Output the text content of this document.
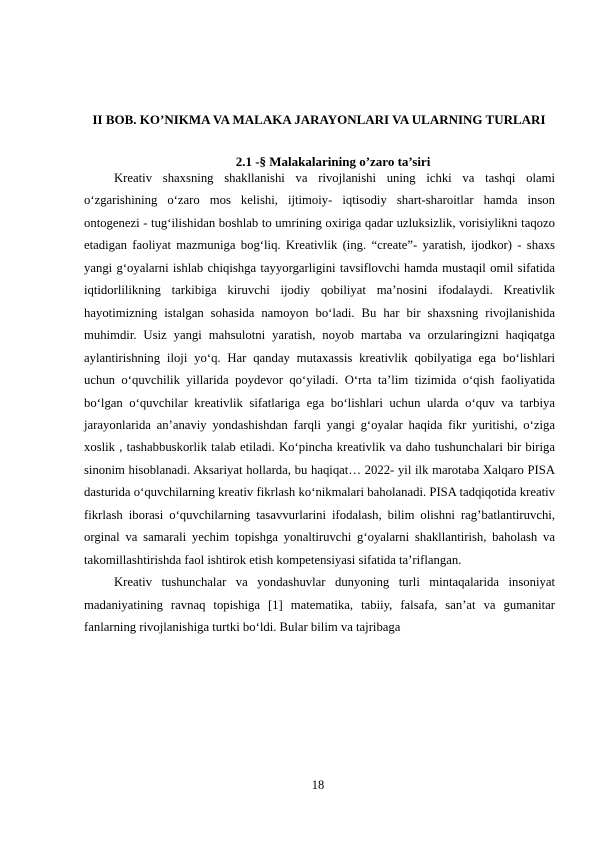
II BOB. KO’NIKMA VA MALAKA JARAYONLARI VA ULARNING TURLARI
2.1 -§ Malakalarining o’zaro ta’siri

Kreativ shaxsning shakllanishi va rivojlanishi uning ichki va tashqi olami o‘zgarishining o‘zaro mos kelishi, ijtimoiy- iqtisodiy shart-sharoitlar hamda inson ontogenezi - tug‘ilishidan boshlab to umrining oxiriga qadar uzluksizlik, vorisiylikni taqozo etadigan faoliyat mazmuniga bog‘liq. Kreativlik (ing. “create”- yaratish, ijodkor) - shaxs yangi g‘oyalarni ishlab chiqishga tayyorgarligini tavsiflovchi hamda mustaqil omil sifatida iqtidorlilikning tarkibiga kiruvchi ijodiy qobiliyat ma’nosini ifodalaydi. Kreativlik hayotimizning istalgan sohasida namoyon bo‘ladi. Bu har bir shaxsning rivojlanishida muhimdir. Usiz yangi mahsulotni yaratish, noyob martaba va orzularingizni haqiqatga aylantirishning iloji yo‘q. Har qanday mutaxassis kreativlik qobilyatiga ega bo‘lishlari uchun o‘quvchilik yillarida poydevor qo‘yiladi. O‘rta ta’lim tizimida o‘qish faoliyatida bo‘lgan o‘quvchilar kreativlik sifatlariga ega bo‘lishlari uchun ularda o‘quv va tarbiya jarayonlarida an’anaviy yondashishdan farqli yangi g‘oyalar haqida fikr yuritishi, o‘ziga xoslik , tashabbuskorlik talab etiladi. Ko‘pincha kreativlik va daho tushunchalari bir biriga sinonim hisoblanadi. Aksariyat hollarda, bu haqiqat… 2022- yil ilk marotaba Xalqaro PISA dasturida o‘quvchilarning kreativ fikrlash ko‘nikmalari baholanadi. PISA tadqiqotida kreativ fikrlash iborasi o‘quvchilarning tasavvurlarini ifodalash, bilim olishni rag’batlantiruvchi, orginal va samarali yechim topishga yonaltiruvchi g‘oyalarni shakllantirish, baholash va takomillashtirishda faol ishtirok etish kompetensiyasi sifatida ta’riflangan.

Kreativ tushunchalar va yondashuvlar dunyoning turli mintaqalarida insoniyat madaniyatining ravnaq topishiga [1] matematika, tabiiy, falsafa, san’at va gumanitar fanlarning rivojlanishiga turtki bo‘ldi. Bular bilim va tajribaga

18
